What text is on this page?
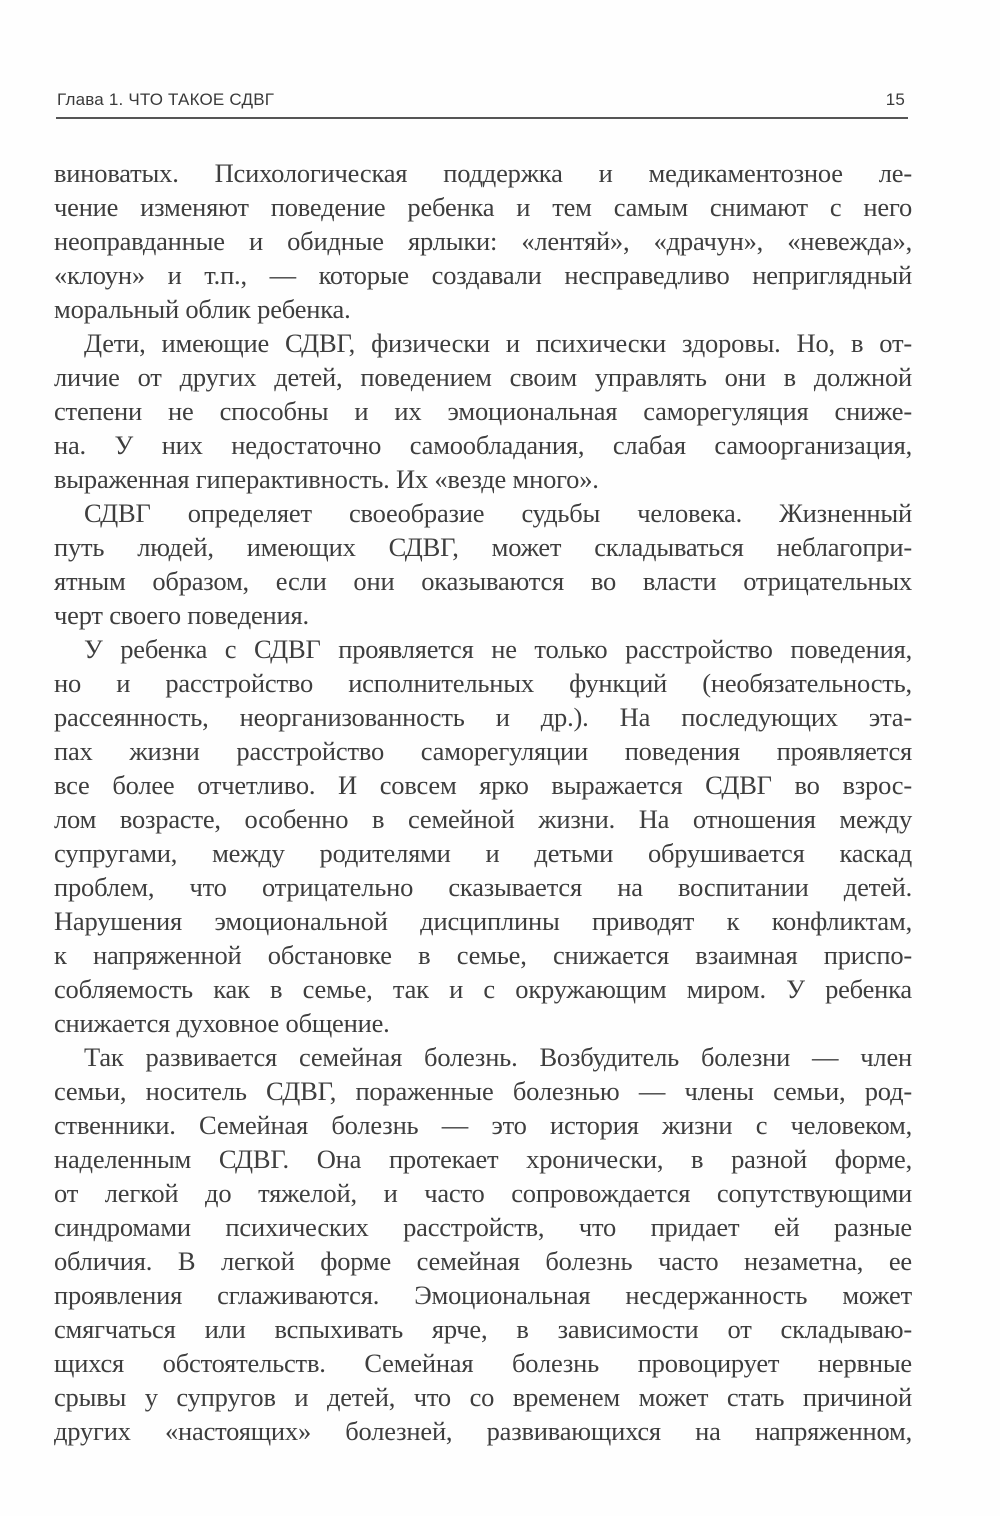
Глава 1. ЧТО ТАКОЕ СДВГ	15
виноватых. Психологическая поддержка и медикаментозное ле-
чение изменяют поведение ребенка и тем самым снимают с него
неоправданные и обидные ярлыки: «лентяй», «драчун», «невежда»,
«клоун» и т.п., — которые создавали несправедливо неприглядный
моральный облик ребенка.
Дети, имеющие СДВГ, физически и психически здоровы. Но, в от-
личие от других детей, поведением своим управлять они в должной
степени не способны и их эмоциональная саморегуляция сниже-
на. У них недостаточно самообладания, слабая самоорганизация,
выраженная гиперактивность. Их «везде много».
СДВГ определяет своеобразие судьбы человека. Жизненный
путь людей, имеющих СДВГ, может складываться неблагопри-
ятным образом, если они оказываются во власти отрицательных
черт своего поведения.
У ребенка с СДВГ проявляется не только расстройство поведения,
но и расстройство исполнительных функций (необязательность,
рассеянность, неорганизованность и др.). На последующих эта-
пах жизни расстройство саморегуляции поведения проявляется
все более отчетливо. И совсем ярко выражается СДВГ во взрос-
лом возрасте, особенно в семейной жизни. На отношения между
супругами, между родителями и детьми обрушивается каскад
проблем, что отрицательно сказывается на воспитании детей.
Нарушения эмоциональной дисциплины приводят к конфликтам,
к напряженной обстановке в семье, снижается взаимная приспо-
собляемость как в семье, так и с окружающим миром. У ребенка
снижается духовное общение.
Так развивается семейная болезнь. Возбудитель болезни — член
семьи, носитель СДВГ, пораженные болезнью — члены семьи, род-
ственники. Семейная болезнь — это история жизни с человеком,
наделенным СДВГ. Она протекает хронически, в разной форме,
от легкой до тяжелой, и часто сопровождается сопутствующими
синдромами психических расстройств, что придает ей разные
обличия. В легкой форме семейная болезнь часто незаметна, ее
проявления сглаживаются. Эмоциональная несдержанность может
смягчаться или вспыхивать ярче, в зависимости от складываю-
щихся обстоятельств. Семейная болезнь провоцирует нервные
срывы у супругов и детей, что со временем может стать причиной
других «настоящих» болезней, развивающихся на напряженном,
